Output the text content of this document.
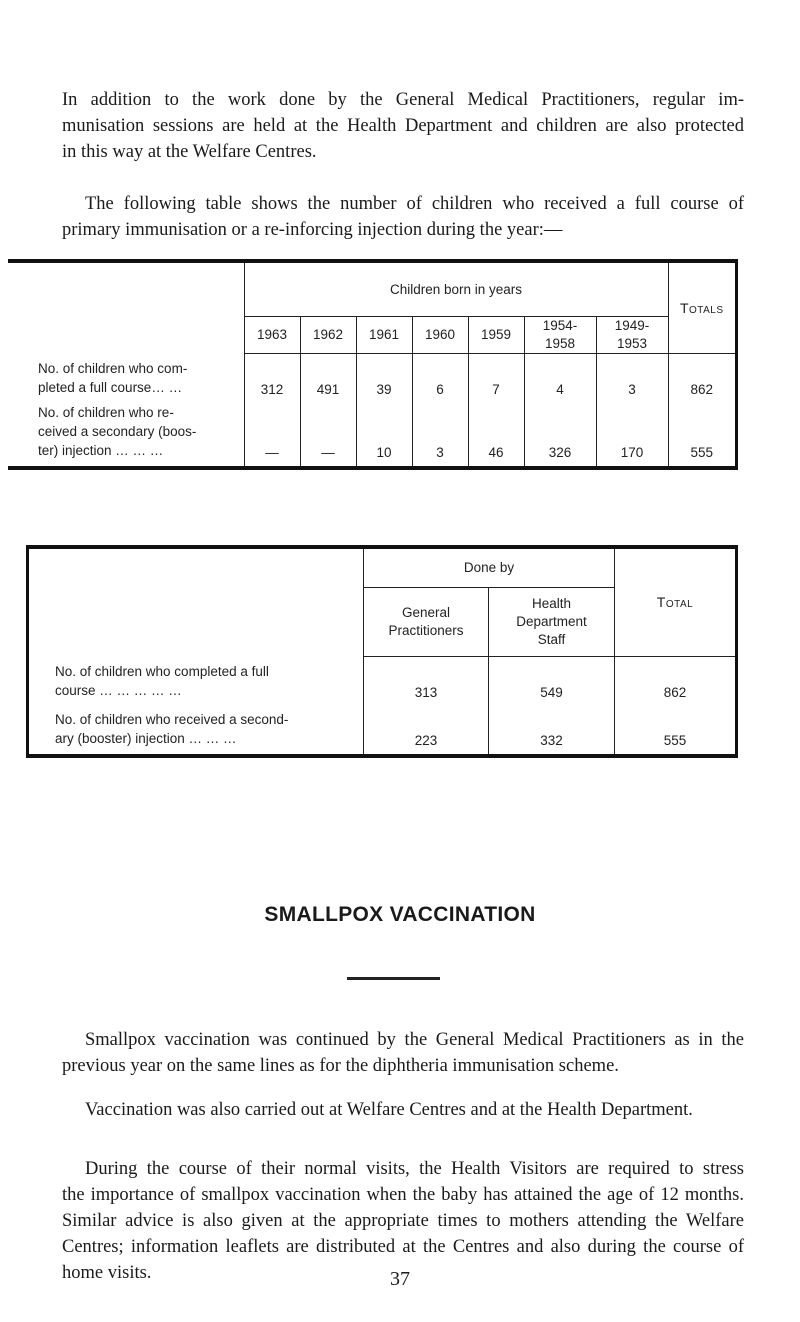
In addition to the work done by the General Medical Practitioners, regular im-
munisation sessions are held at the Health Department and children are also protected
in this way at the Welfare Centres.

The following table shows the number of children who received a full course of
primary immunisation or a re-inforcing injection during the year:—

	Children born in years							Totals
	1963	1962	1961	1960	1959	1954-
1958	1949-
1953	
No. of children who com-
pleted a full course… …	312	491	39	6	7	4	3	862
No. of children who re-
ceived a secondary (boos-
ter) injection … … …	—	—	10	3	46	326	170	555
	Done by		Total
	General
Practitioners	Health
Department
Staff	
No. of children who completed a full
course … … … … …	313	549	862
No. of children who received a second-
ary (booster) injection … … …	223	332	555
SMALLPOX VACCINATION

Smallpox vaccination was continued by the General Medical Practitioners as in the
previous year on the same lines as for the diphtheria immunisation scheme.

Vaccination was also carried out at Welfare Centres and at the Health Department.

During the course of their normal visits, the Health Visitors are required to stress
the importance of smallpox vaccination when the baby has attained the age of 12 months.
Similar advice is also given at the appropriate times to mothers attending the Welfare
Centres; information leaflets are distributed at the Centres and also during the course of
home visits.	37
